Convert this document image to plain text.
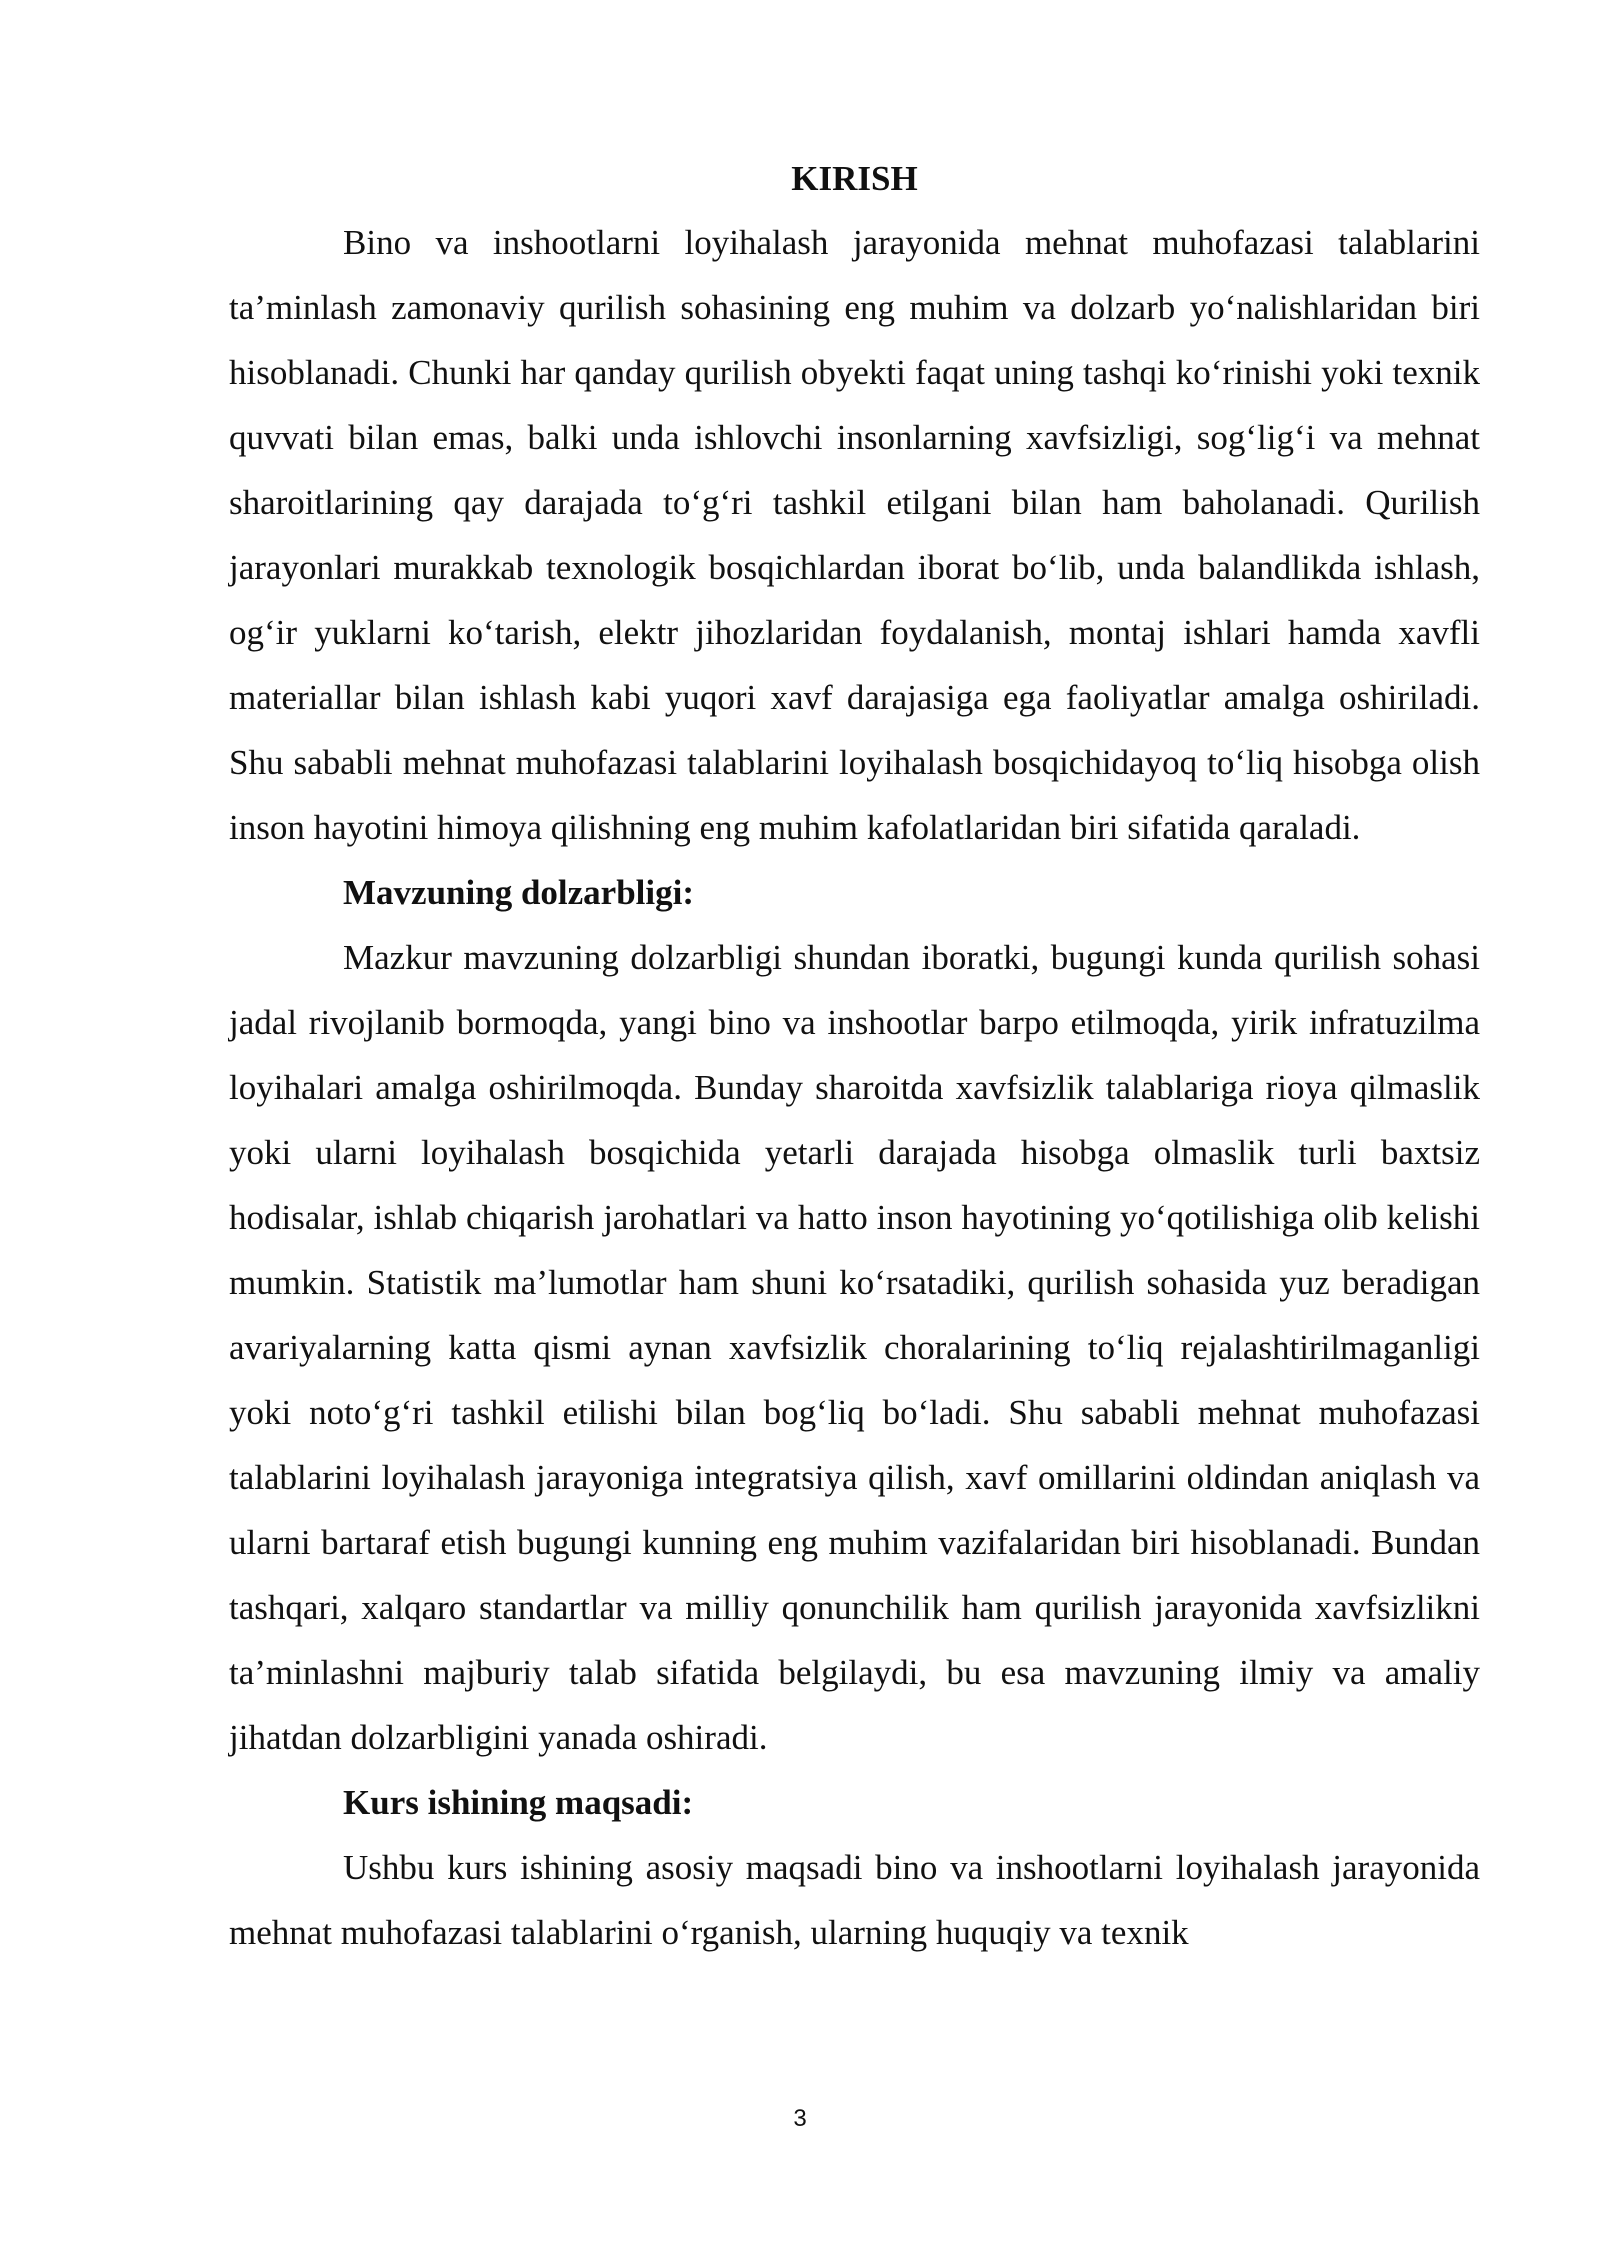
KIRISH

Bino va inshootlarni loyihalash jarayonida mehnat muhofazasi talablarini ta’minlash zamonaviy qurilish sohasining eng muhim va dolzarb yo‘nalishlaridan biri hisoblanadi. Chunki har qanday qurilish obyekti faqat uning tashqi ko‘rinishi yoki texnik quvvati bilan emas, balki unda ishlovchi insonlarning xavfsizligi, sog‘lig‘i va mehnat sharoitlarining qay darajada to‘g‘ri tashkil etilgani bilan ham baholanadi. Qurilish jarayonlari murakkab texnologik bosqichlardan iborat bo‘lib, unda balandlikda ishlash, og‘ir yuklarni ko‘tarish, elektr jihozlaridan foydalanish, montaj ishlari hamda xavfli materiallar bilan ishlash kabi yuqori xavf darajasiga ega faoliyatlar amalga oshiriladi. Shu sababli mehnat muhofazasi talablarini loyihalash bosqichidayoq to‘liq hisobga olish inson hayotini himoya qilishning eng muhim kafolatlaridan biri sifatida qaraladi.

Mavzuning dolzarbligi:

Mazkur mavzuning dolzarbligi shundan iboratki, bugungi kunda qurilish sohasi jadal rivojlanib bormoqda, yangi bino va inshootlar barpo etilmoqda, yirik infratuzilma loyihalari amalga oshirilmoqda. Bunday sharoitda xavfsizlik talablariga rioya qilmaslik yoki ularni loyihalash bosqichida yetarli darajada hisobga olmaslik turli baxtsiz hodisalar, ishlab chiqarish jarohatlari va hatto inson hayotining yo‘qotilishiga olib kelishi mumkin. Statistik ma’lumotlar ham shuni ko‘rsatadiki, qurilish sohasida yuz beradigan avariyalarning katta qismi aynan xavfsizlik choralarining to‘liq rejalashtirilmaganligi yoki noto‘g‘ri tashkil etilishi bilan bog‘liq bo‘ladi. Shu sababli mehnat muhofazasi talablarini loyihalash jarayoniga integratsiya qilish, xavf omillarini oldindan aniqlash va ularni bartaraf etish bugungi kunning eng muhim vazifalaridan biri hisoblanadi. Bundan tashqari, xalqaro standartlar va milliy qonunchilik ham qurilish jarayonida xavfsizlikni ta’minlashni majburiy talab sifatida belgilaydi, bu esa mavzuning ilmiy va amaliy jihatdan dolzarbligini yanada oshiradi.

Kurs ishining maqsadi:

Ushbu kurs ishining asosiy maqsadi bino va inshootlarni loyihalash jarayonida mehnat muhofazasi talablarini o‘rganish, ularning huquqiy va texnik

3
